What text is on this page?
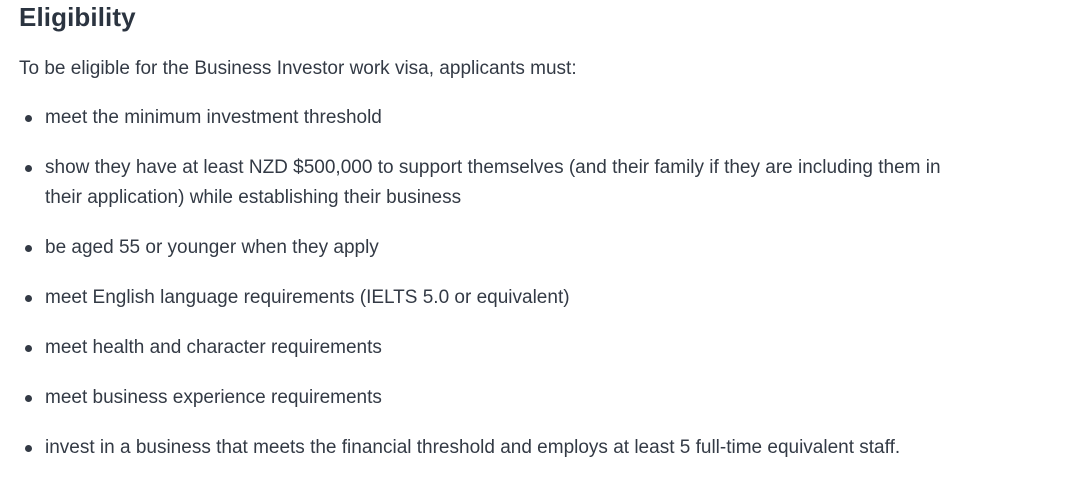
Eligibility

To be eligible for the Business Investor work visa, applicants must:

meet the minimum investment threshold
show they have at least NZD $500,000 to support themselves (and their family if they are including them in their application) while establishing their business
be aged 55 or younger when they apply
meet English language requirements (IELTS 5.0 or equivalent)
meet health and character requirements
meet business experience requirements
invest in a business that meets the financial threshold and employs at least 5 full-time equivalent staff.
